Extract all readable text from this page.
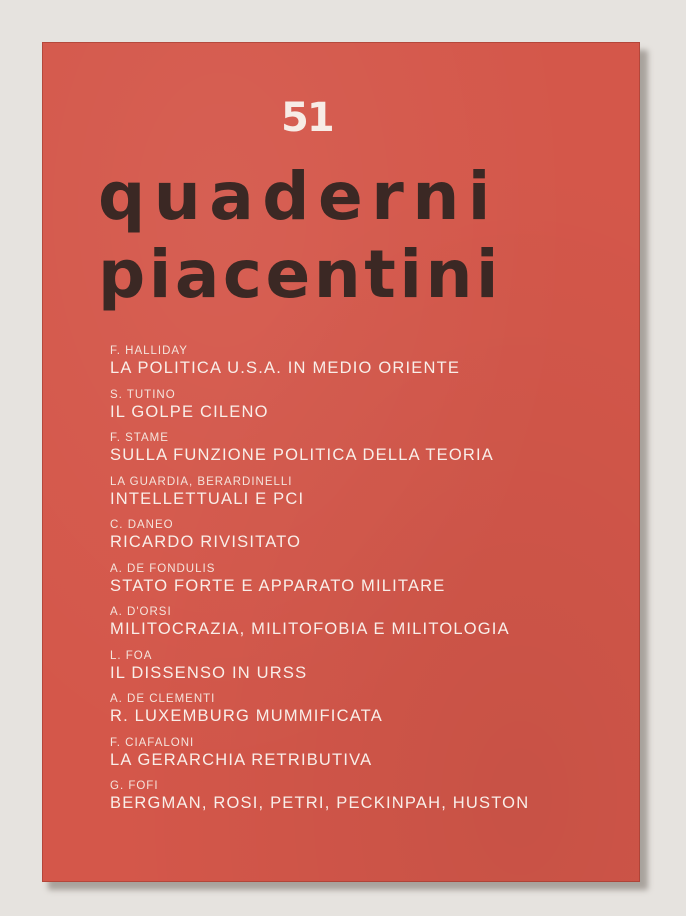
51
quaderni
piacentini
F. HALLIDAY
LA POLITICA U.S.A. IN MEDIO ORIENTE
S. TUTINO
IL GOLPE CILENO
F. STAME
SULLA FUNZIONE POLITICA DELLA TEORIA
LA GUARDIA, BERARDINELLI
INTELLETTUALI E PCI
C. DANEO
RICARDO RIVISITATO
A. DE FONDULIS
STATO FORTE E APPARATO MILITARE
A. D'ORSI
MILITOCRAZIA, MILITOFOBIA E MILITOLOGIA
L. FOA
IL DISSENSO IN URSS
A. DE CLEMENTI
R. LUXEMBURG MUMMIFICATA
F. CIAFALONI
LA GERARCHIA RETRIBUTIVA
G. FOFI
BERGMAN, ROSI, PETRI, PECKINPAH, HUSTON
